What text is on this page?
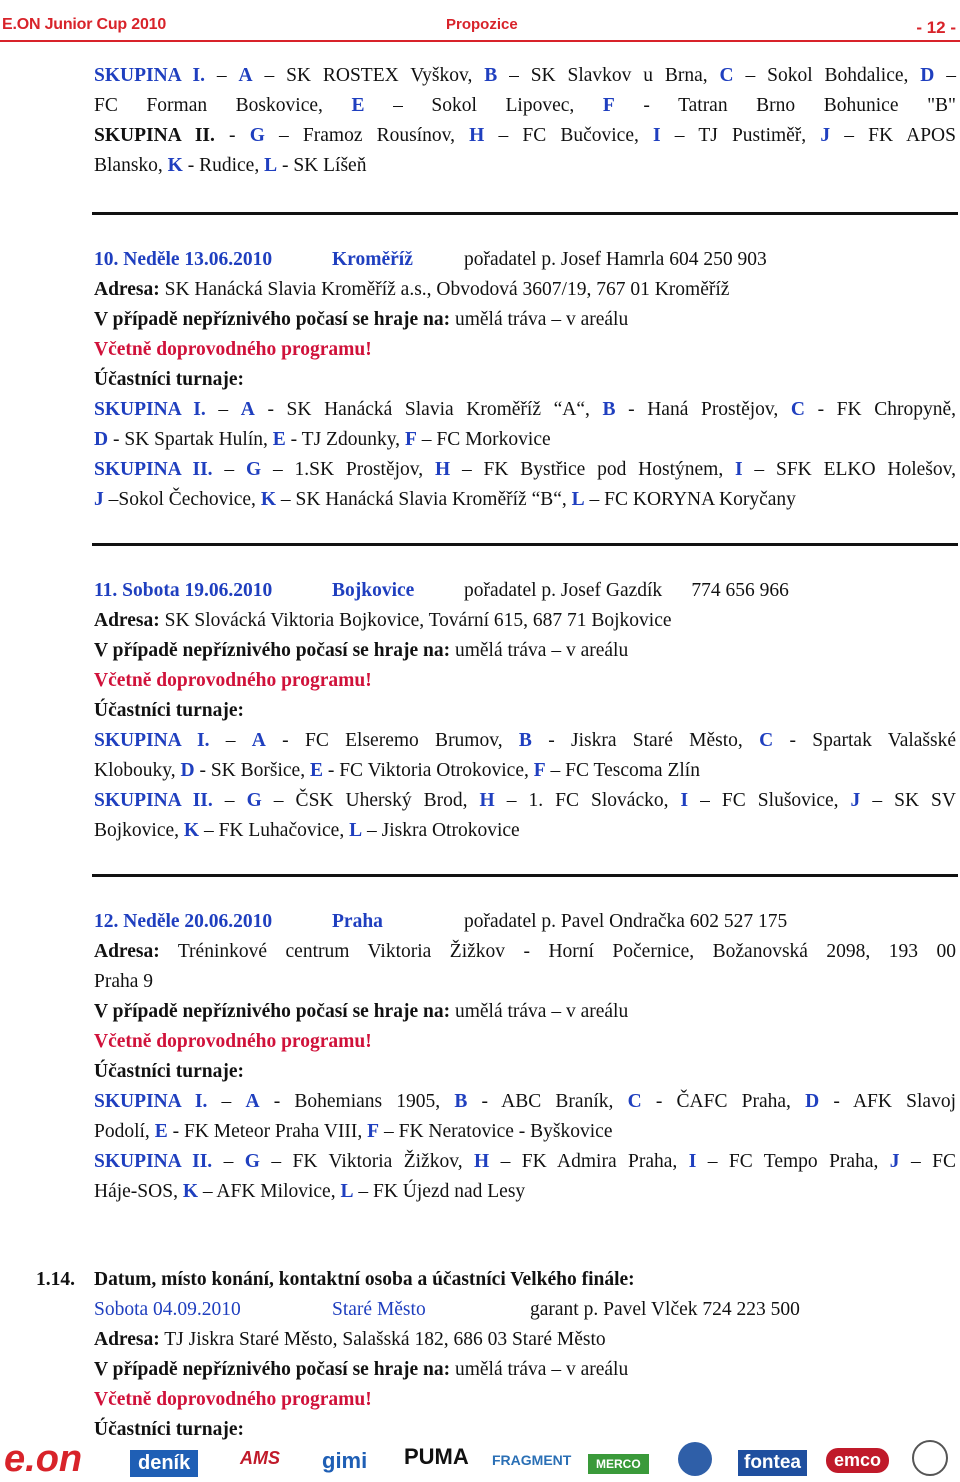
E.ON Junior Cup 2010	Propozice	- 12 -
SKUPINA I. – A – SK ROSTEX Vyškov, B – SK Slavkov u Brna, C – Sokol Bohdalice, D –
FC Forman Boskovice, E – Sokol Lipovec, F - Tatran Brno Bohunice "B"
SKUPINA II. - G – Framoz Rousínov, H – FC Bučovice, I – TJ Pustiměř, J – FK APOS
Blansko, K - Rudice, L - SK Líšeň
10. Neděle 13.06.2010	Kroměříž	pořadatel p. Josef Hamrla 604 250 903
Adresa: SK Hanácká Slavia Kroměříž a.s., Obvodová 3607/19, 767 01 Kroměříž
V případě nepříznivého počasí se hraje na: umělá tráva – v areálu
Včetně doprovodného programu!
Účastníci turnaje:
SKUPINA I. – A - SK Hanácká Slavia Kroměříž “A“, B - Haná Prostějov, C - FK Chropyně,
D - SK Spartak Hulín, E - TJ Zdounky, F – FC Morkovice
SKUPINA II. – G – 1.SK Prostějov, H – FK Bystřice pod Hostýnem, I – SFK ELKO Holešov,
J –Sokol Čechovice, K – SK Hanácká Slavia Kroměříž “B“, L – FC KORYNA Koryčany
11. Sobota 19.06.2010	Bojkovice	pořadatel p. Josef Gazdík      774 656 966
Adresa: SK Slovácká Viktoria Bojkovice, Tovární 615, 687 71 Bojkovice
V případě nepříznivého počasí se hraje na: umělá tráva – v areálu
Včetně doprovodného programu!
Účastníci turnaje:
SKUPINA I. – A - FC Elseremo Brumov, B - Jiskra Staré Město, C - Spartak Valašské
Klobouky, D - SK Boršice, E - FC Viktoria Otrokovice, F – FC Tescoma Zlín
SKUPINA II. – G – ČSK Uherský Brod, H – 1. FC Slovácko, I – FC Slušovice, J – SK SV
Bojkovice, K – FK Luhačovice, L – Jiskra Otrokovice
12. Neděle 20.06.2010	Praha	pořadatel p. Pavel Ondračka 602 527 175
Adresa: Tréninkové centrum Viktoria Žižkov - Horní Počernice, Božanovská 2098, 193 00
Praha 9
V případě nepříznivého počasí se hraje na: umělá tráva – v areálu
Včetně doprovodného programu!
Účastníci turnaje:
SKUPINA I. – A - Bohemians 1905, B - ABC Braník, C - ČAFC Praha, D - AFK Slavoj
Podolí, E - FK Meteor Praha VIII, F – FK Neratovice - Byškovice
SKUPINA II. – G – FK Viktoria Žižkov, H – FK Admira Praha, I – FC Tempo Praha, J – FC
Háje-SOS, K – AFK Milovice, L – FK Újezd nad Lesy
1.14. Datum, místo konání, kontaktní osoba a účastníci Velkého finále:
Sobota 04.09.2010	Staré Město	garant p. Pavel Vlček 724 223 500
Adresa: TJ Jiskra Staré Město, Salašská 182, 686 03 Staré Město
V případě nepříznivého počasí se hraje na: umělá tráva – v areálu
Včetně doprovodného programu!
Účastníci turnaje:
e.on	deník	AMS gimi PUMA FRAGMENT	MERCO	fontea	emco
